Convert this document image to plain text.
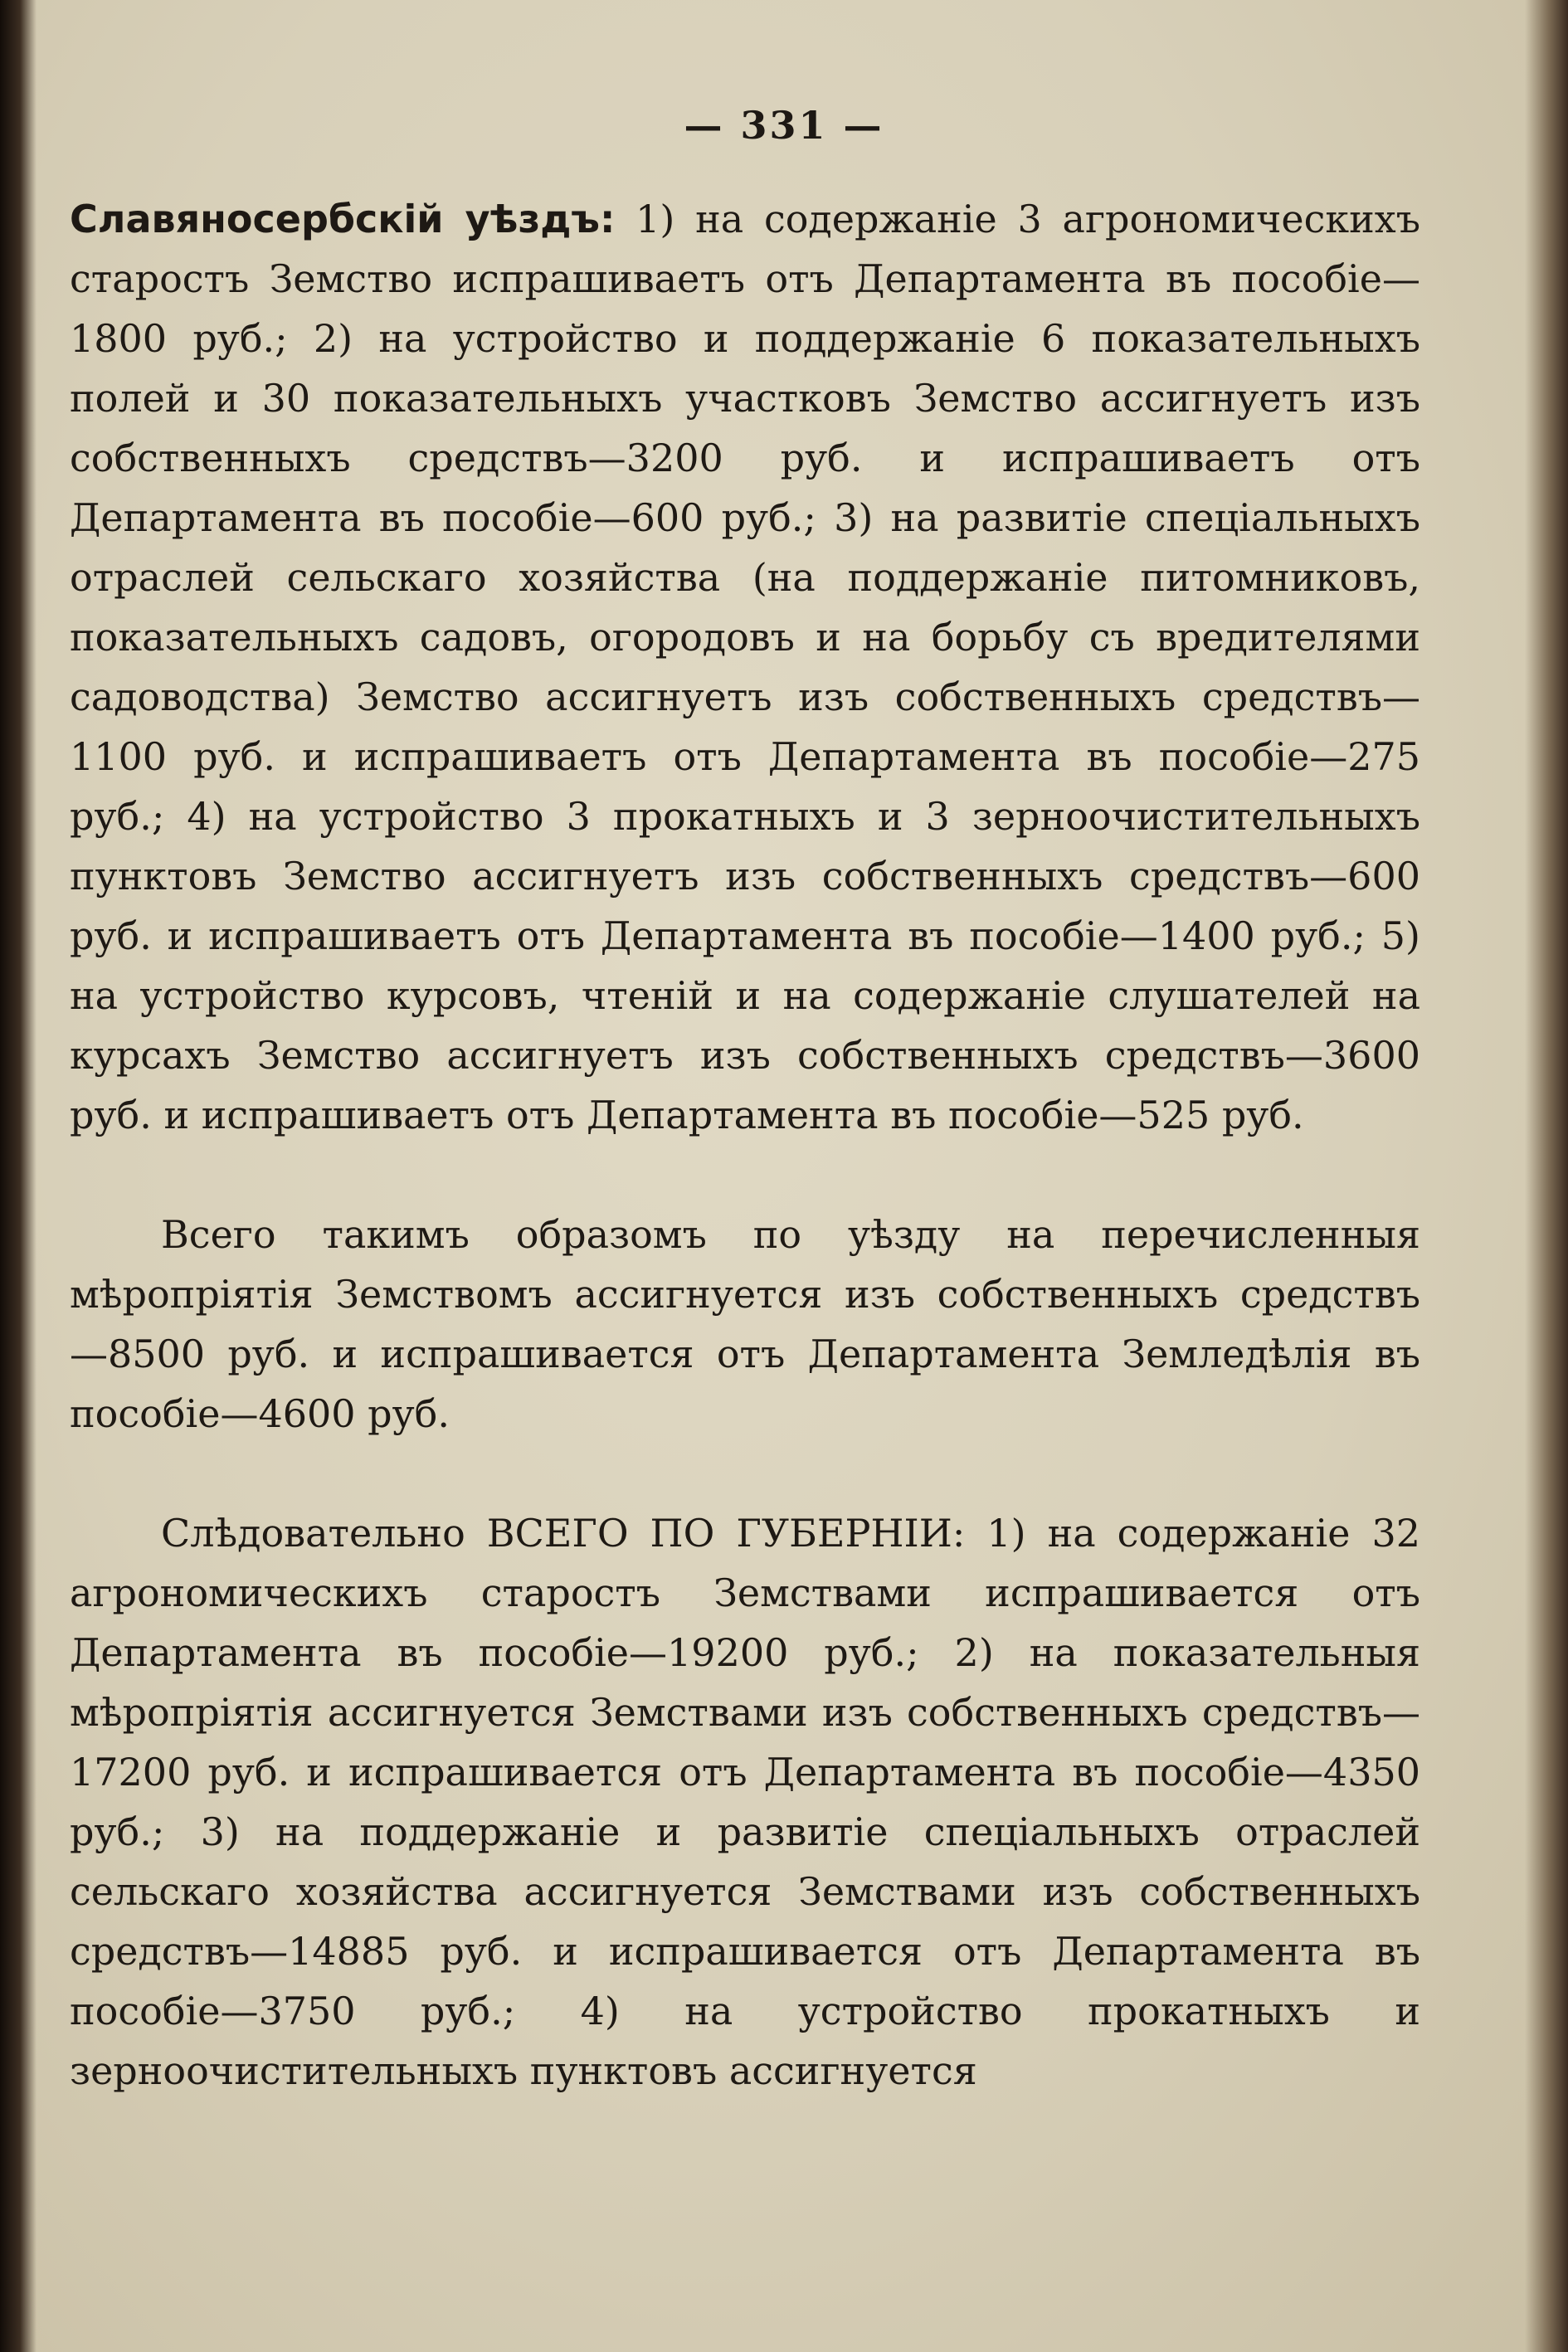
— 331 —

Славяносербскій уѣздъ: 1) на содержаніе 3 агрономическихъ старостъ Земство испрашиваетъ отъ Департамента въ пособіе—1800 руб.; 2) на устройство и поддержаніе 6 показательныхъ полей и 30 показательныхъ участковъ Земство ассигнуетъ изъ собственныхъ средствъ—3200 руб. и испрашиваетъ отъ Департамента въ пособіе—600 руб.; 3) на развитіе спеціальныхъ отраслей сельскаго хозяйства (на поддержаніе питомниковъ, показательныхъ садовъ, огородовъ и на борьбу съ вредителями садоводства) Земство ассигнуетъ изъ собственныхъ средствъ—1100 руб. и испрашиваетъ отъ Департамента въ пособіе—275 руб.; 4) на устройство 3 прокатныхъ и 3 зерноочистительныхъ пунктовъ Земство ассигнуетъ изъ собственныхъ средствъ—600 руб. и испрашиваетъ отъ Департамента въ пособіе—1400 руб.; 5) на устройство курсовъ, чтеній и на содержаніе слушателей на курсахъ Земство ассигнуетъ изъ собственныхъ средствъ—3600 руб. и испрашиваетъ отъ Департамента въ пособіе—525 руб.

Всего такимъ образомъ по уѣзду на перечисленныя мѣропріятія Земствомъ ассигнуется изъ собственныхъ средствъ —8500 руб. и испрашивается отъ Департамента Земледѣлія въ пособіе—4600 руб.

Слѣдовательно ВСЕГО ПО ГУБЕРНІИ: 1) на содержаніе 32 агрономическихъ старостъ Земствами испрашивается отъ Департамента въ пособіе—19200 руб.; 2) на показательныя мѣропріятія ассигнуется Земствами изъ собственныхъ средствъ—17200 руб. и испрашивается отъ Департамента въ пособіе—4350 руб.; 3) на поддержаніе и развитіе спеціальныхъ отраслей сельскаго хозяйства ассигнуется Земствами изъ собственныхъ средствъ—14885 руб. и испрашивается отъ Департамента въ пособіе—3750 руб.; 4) на устройство прокатныхъ и зерноочистительныхъ пунктовъ ассигнуется
